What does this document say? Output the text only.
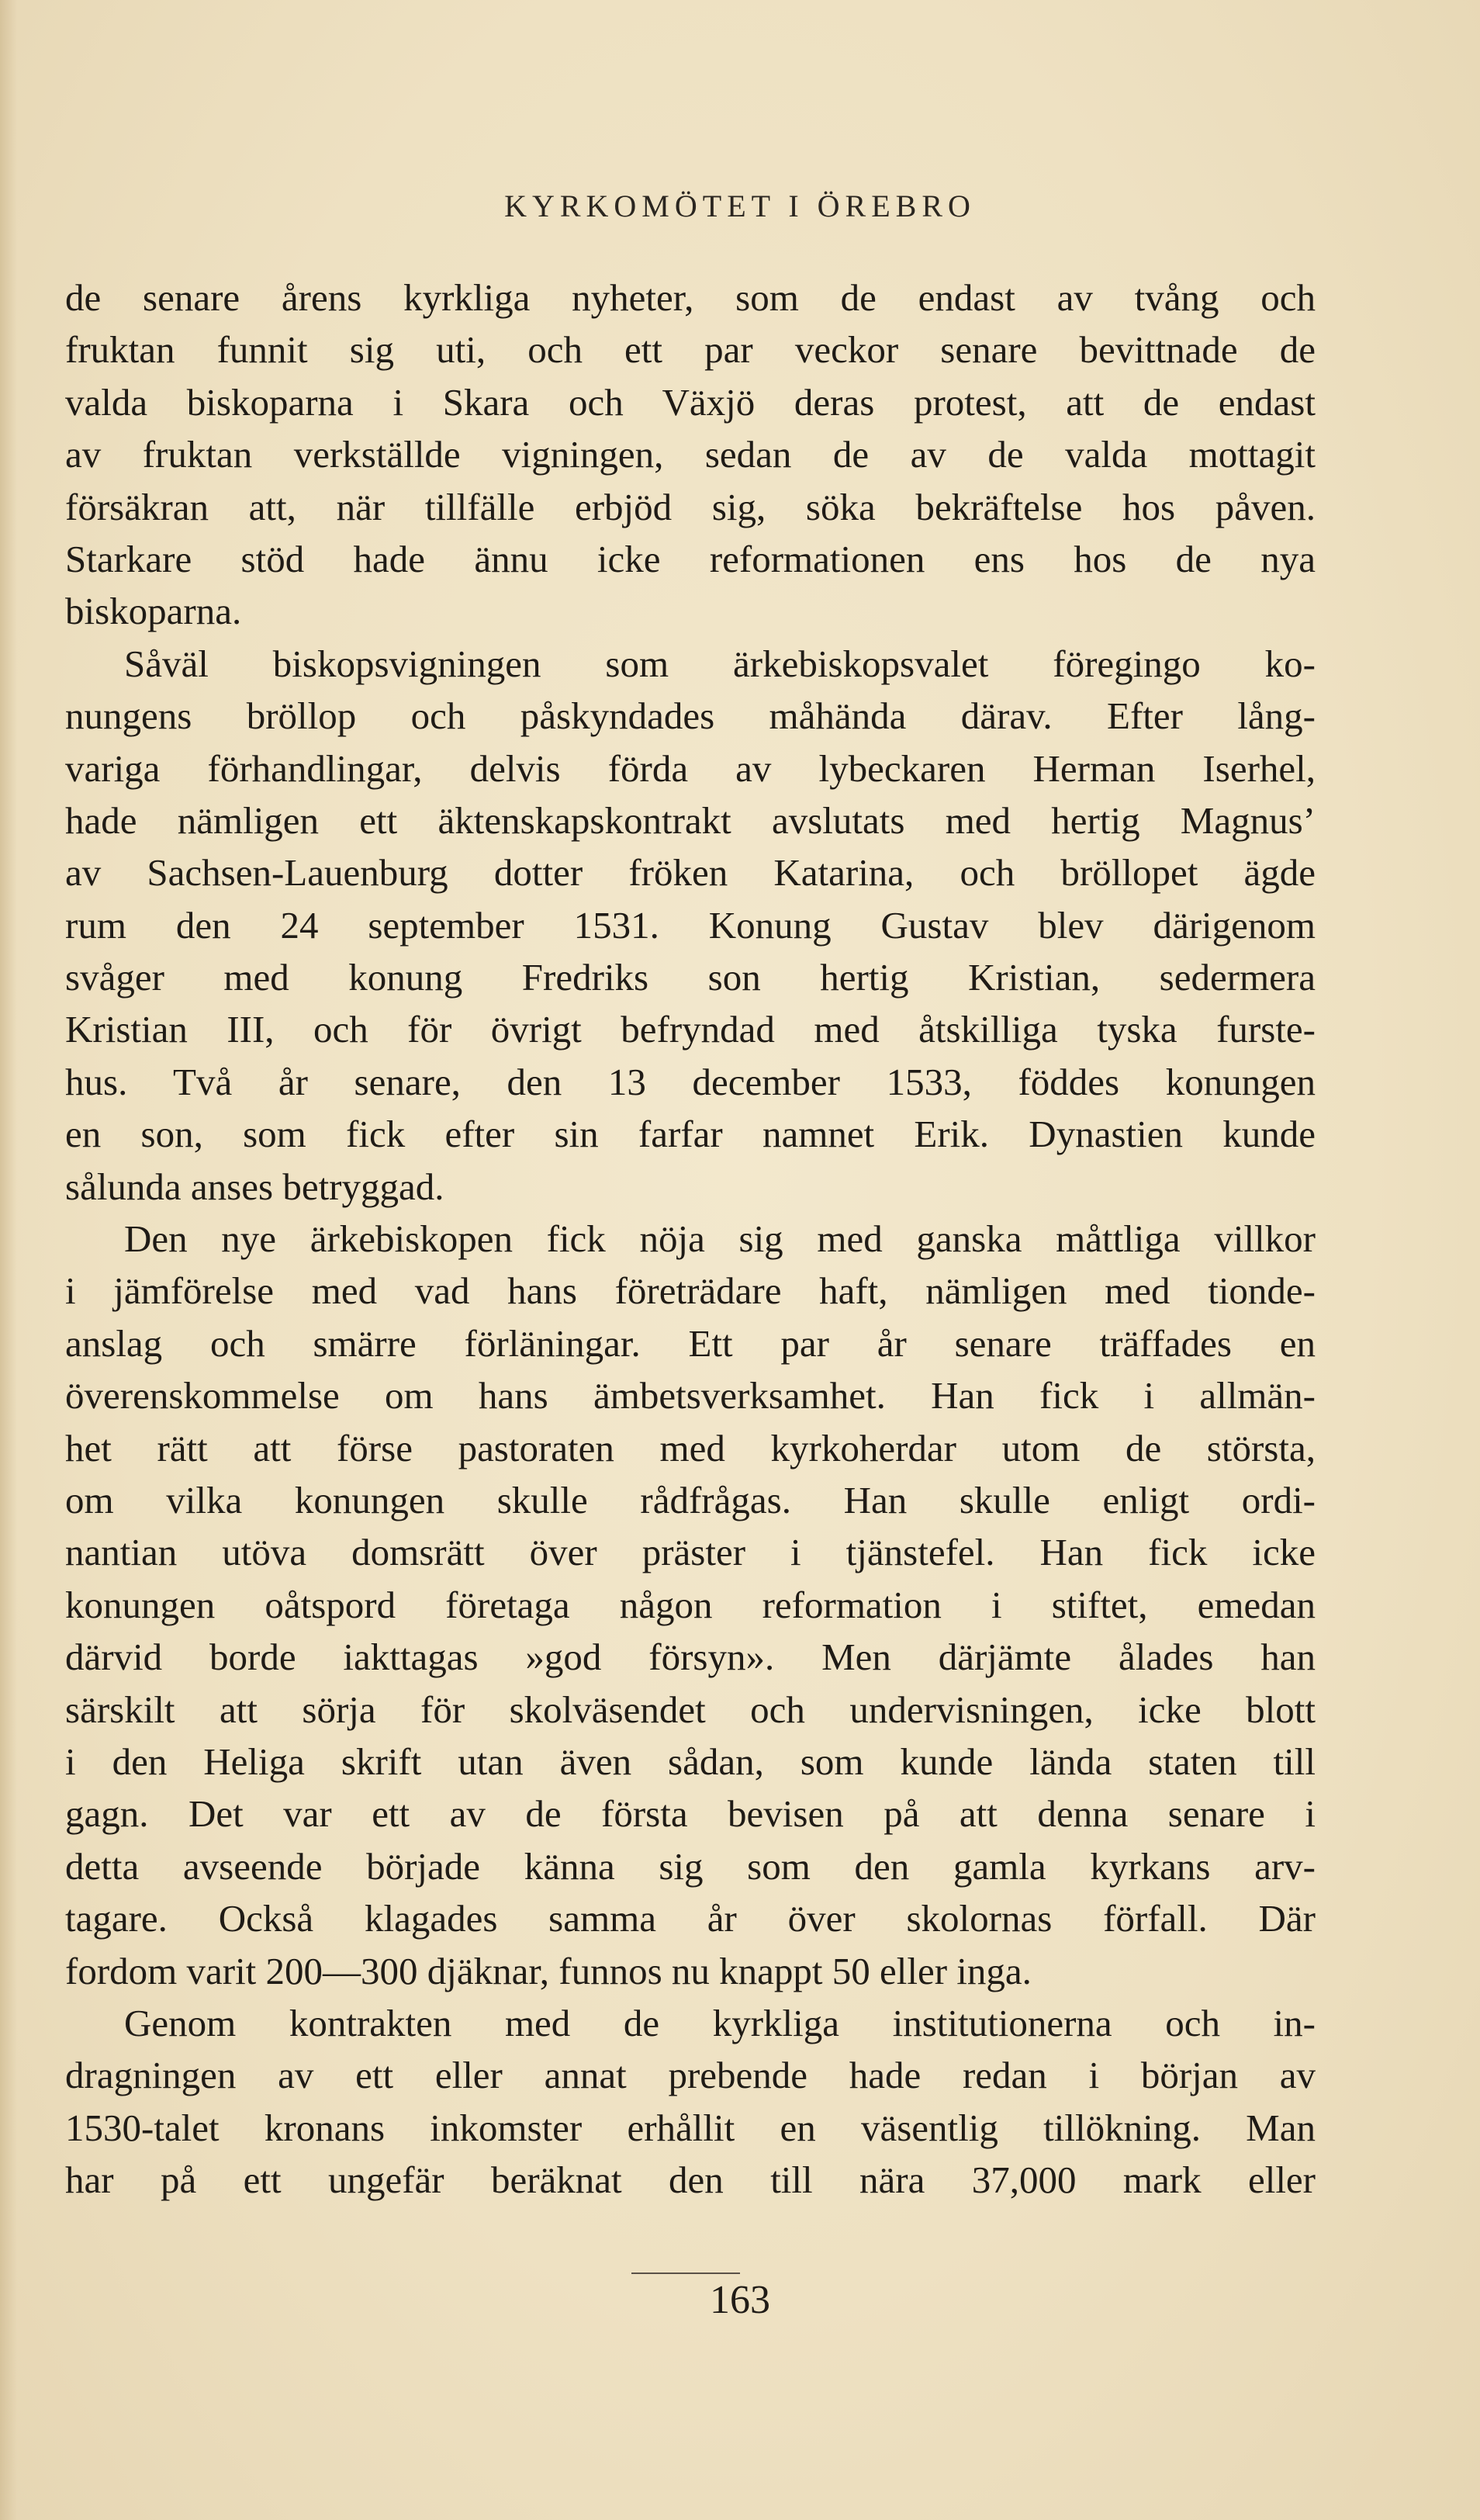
KYRKOMÖTET I ÖREBRO
de senare årens kyrkliga nyheter, som de endast av tvång och
fruktan funnit sig uti, och ett par veckor senare bevittnade de
valda biskoparna i Skara och Växjö deras protest, att de endast
av fruktan verkställde vigningen, sedan de av de valda mottagit
försäkran att, när tillfälle erbjöd sig, söka bekräftelse hos påven.
Starkare stöd hade ännu icke reformationen ens hos de nya
biskoparna.
Såväl biskopsvigningen som ärkebiskopsvalet föregingo ko-
nungens bröllop och påskyndades måhända därav. Efter lång-
variga förhandlingar, delvis förda av lybeckaren Herman Iserhel,
hade nämligen ett äktenskapskontrakt avslutats med hertig Magnus’
av Sachsen-Lauenburg dotter fröken Katarina, och bröllopet ägde
rum den 24 september 1531. Konung Gustav blev därigenom
svåger med konung Fredriks son hertig Kristian, sedermera
Kristian III, och för övrigt befryndad med åtskilliga tyska furste-
hus. Två år senare, den 13 december 1533, föddes konungen
en son, som fick efter sin farfar namnet Erik. Dynastien kunde
sålunda anses betryggad.
Den nye ärkebiskopen fick nöja sig med ganska måttliga villkor
i jämförelse med vad hans företrädare haft, nämligen med tionde-
anslag och smärre förläningar. Ett par år senare träffades en
överenskommelse om hans ämbetsverksamhet. Han fick i allmän-
het rätt att förse pastoraten med kyrkoherdar utom de största,
om vilka konungen skulle rådfrågas. Han skulle enligt ordi-
nantian utöva domsrätt över präster i tjänstefel. Han fick icke
konungen oåtspord företaga någon reformation i stiftet, emedan
därvid borde iakttagas »god försyn». Men därjämte ålades han
särskilt att sörja för skolväsendet och undervisningen, icke blott
i den Heliga skrift utan även sådan, som kunde lända staten till
gagn. Det var ett av de första bevisen på att denna senare i
detta avseende började känna sig som den gamla kyrkans arv-
tagare. Också klagades samma år över skolornas förfall. Där
fordom varit 200—300 djäknar, funnos nu knappt 50 eller inga.
Genom kontrakten med de kyrkliga institutionerna och in-
dragningen av ett eller annat prebende hade redan i början av
1530-talet kronans inkomster erhållit en väsentlig tillökning. Man
har på ett ungefär beräknat den till nära 37,000 mark eller
163
